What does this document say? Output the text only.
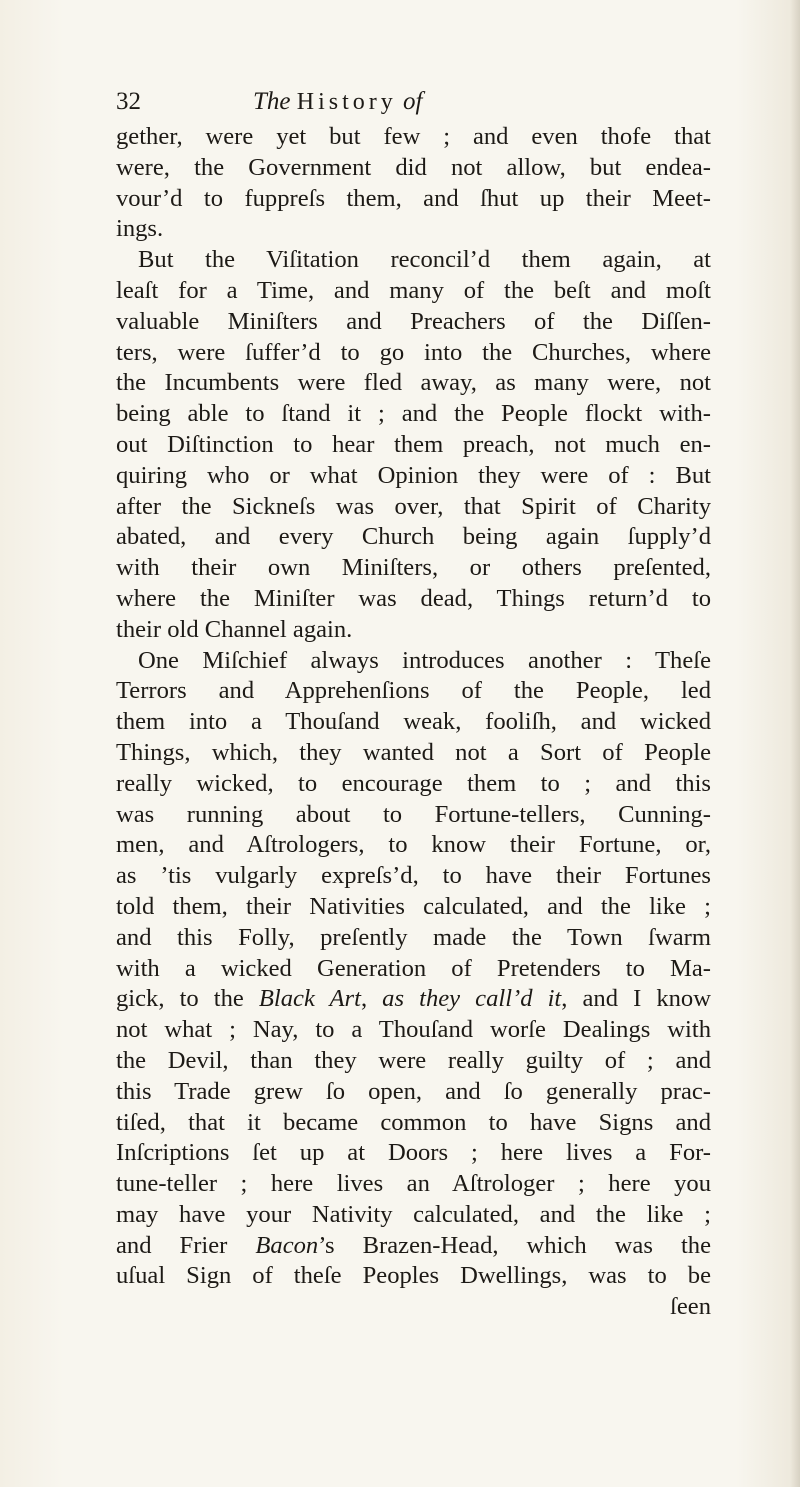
32	The History of
gether, were yet but few ; and even thofe that
were, the Government did not allow, but endea-
vour’d to fuppreſs them, and ſhut up their Meet-
ings.
But the Viſitation reconcil’d them again, at
leaſt for a Time, and many of the beſt and moſt
valuable Miniſters and Preachers of the Diſſen-
ters, were ſuffer’d to go into the Churches, where
the Incumbents were fled away, as many were, not
being able to ſtand it ; and the People flockt with-
out Diſtinction to hear them preach, not much en-
quiring who or what Opinion they were of : But
after the Sickneſs was over, that Spirit of Charity
abated, and every Church being again ſupply’d
with their own Miniſters, or others preſented,
where the Miniſter was dead, Things return’d to
their old Channel again.
One Miſchief always introduces another : Theſe
Terrors and Apprehenſions of the People, led
them into a Thouſand weak, fooliſh, and wicked
Things, which, they wanted not a Sort of People
really wicked, to encourage them to ; and this
was running about to Fortune-tellers, Cunning-
men, and Aſtrologers, to know their Fortune, or,
as ’tis vulgarly expreſs’d, to have their Fortunes
told them, their Nativities calculated, and the like ;
and this Folly, preſently made the Town ſwarm
with a wicked Generation of Pretenders to Ma-
gick, to the Black Art, as they call’d it, and I know
not what ; Nay, to a Thouſand worſe Dealings with
the Devil, than they were really guilty of ; and
this Trade grew ſo open, and ſo generally prac-
tiſed, that it became common to have Signs and
Inſcriptions ſet up at Doors ; here lives a For-
tune-teller ; here lives an Aſtrologer ; here you
may have your Nativity calculated, and the like ;
and Frier Bacon’s Brazen-Head, which was the
uſual Sign of theſe Peoples Dwellings, was to be
ſeen
